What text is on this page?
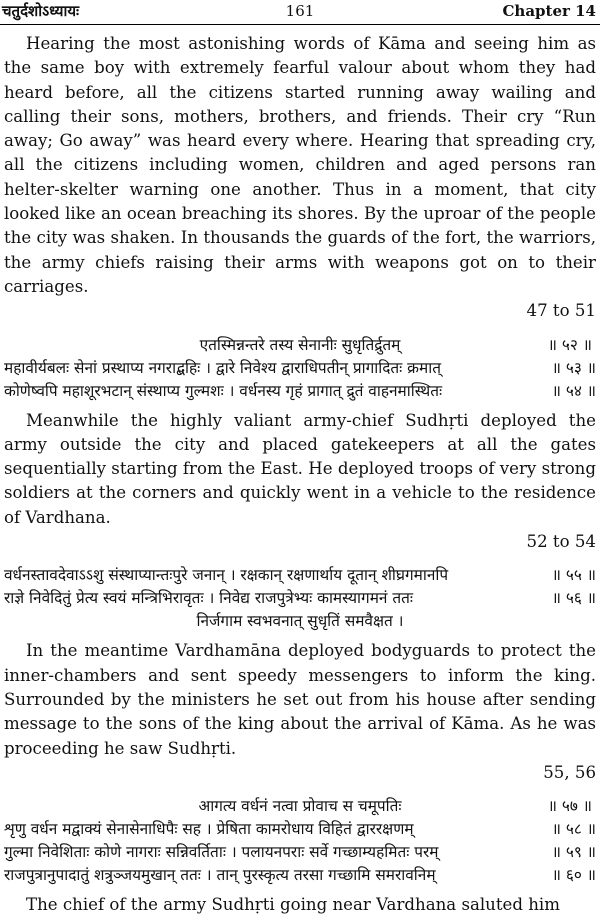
चतुर्दशोऽध्यायः	161	Chapter 14

Hearing the most astonishing words of Kāma and seeing him as the same boy with extremely fearful valour about whom they had heard before, all the citizens started running away wailing and calling their sons, mothers, brothers, and friends. Their cry “Run away; Go away” was heard every where. Hearing that spreading cry, all the citizens including women, children and aged persons ran helter-skelter warning one another. Thus in a moment, that city looked like an ocean breaching its shores. By the uproar of the people the city was shaken. In thousands the guards of the fort, the warriors, the army chiefs raising their arms with weapons got on to their carriages.

47 to 51
एतस्मिन्नन्तरे तस्य सेनानीः सुधृतिर्द्रुतम्	॥ ५२ ॥
महावीर्यबलः सेनां प्रस्थाप्य नगराद्बहिः । द्वारे निवेश्य द्वाराधिपतीन् प्रागादितः क्रमात्	॥ ५३ ॥
कोणेष्वपि महाशूरभटान् संस्थाप्य गुल्मशः । वर्धनस्य गृहं प्रागात् द्रुतं वाहनमास्थितः	॥ ५४ ॥

Meanwhile the highly valiant army-chief Sudhṛti deployed the army outside the city and placed gatekeepers at all the gates sequentially starting from the East. He deployed troops of very strong soldiers at the corners and quickly went in a vehicle to the residence of Vardhana.

52 to 54
वर्धनस्तावदेवाऽऽशु संस्थाप्यान्तःपुरे जनान् । रक्षकान् रक्षणार्थाय दूतान् शीघ्रगमानपि	॥ ५५ ॥
राज्ञे निवेदितुं प्रेत्य स्वयं मन्त्रिभिरावृतः । निवेद्य राजपुत्रेभ्यः कामस्यागमनं ततः	॥ ५६ ॥
निर्जगाम स्वभवनात् सुधृतिं समवैक्षत ।

In the meantime Vardhamāna deployed bodyguards to protect the inner-chambers and sent speedy messengers to inform the king. Surrounded by the ministers he set out from his house after sending message to the sons of the king about the arrival of Kāma. As he was proceeding he saw Sudhṛti.

55, 56
आगत्य वर्धनं नत्वा प्रोवाच स चमूपतिः	॥ ५७ ॥
शृणु वर्धन मद्वाक्यं सेनासेनाधिपैः सह । प्रेषिता कामरोधाय विहितं द्वाररक्षणम्	॥ ५८ ॥
गुल्मा निवेशिताः कोणे नागराः सन्निवर्तिताः । पलायनपराः सर्वे गच्छाम्यहमितः परम्	॥ ५९ ॥
राजपुत्रानुपादातुं शत्रुञ्जयमुखान् ततः । तान् पुरस्कृत्य तरसा गच्छामि समरावनिम्	॥ ६० ॥

The chief of the army Sudhṛti going near Vardhana saluted him
